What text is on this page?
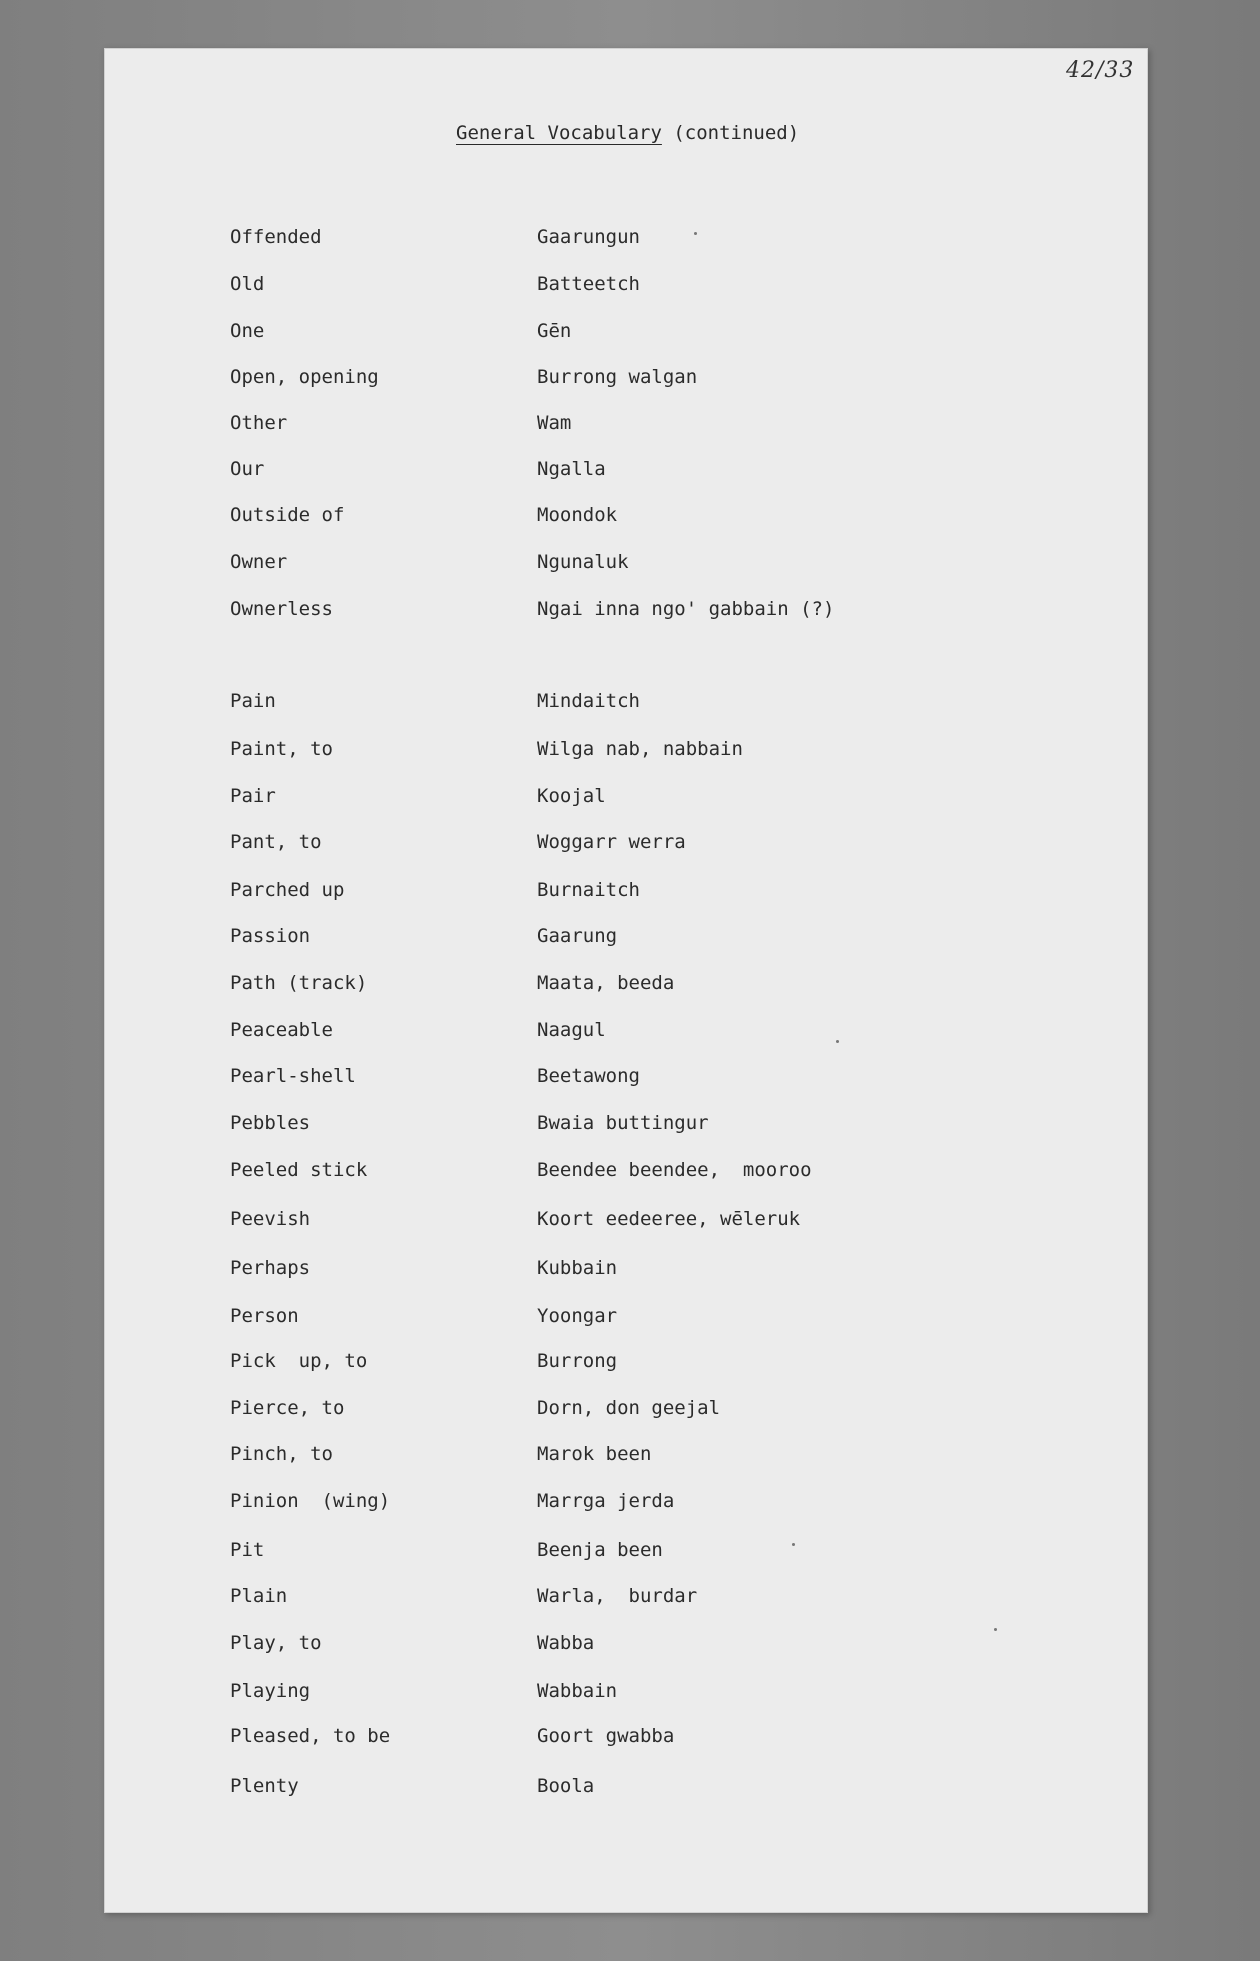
42/33
General Vocabulary (continued)
Offended	Gaarungun
Old	Batteetch
One	Gēn
Open, opening	Burrong walgan
Other	Wam
Our	Ngalla
Outside of	Moondok
Owner	Ngunaluk
Ownerless	Ngai inna ngo' gabbain (?)
Pain	Mindaitch
Paint, to	Wilga nab, nabbain
Pair	Koojal
Pant, to	Woggarr werra
Parched up	Burnaitch
Passion	Gaarung
Path (track)	Maata, beeda
Peaceable	Naagul
Pearl-shell	Beetawong
Pebbles	Bwaia buttingur
Peeled stick	Beendee beendee,  mooroo
Peevish	Koort eedeeree, wēleruk
Perhaps	Kubbain
Person	Yoongar
Pick  up, to	Burrong
Pierce, to	Dorn, don geejal
Pinch, to	Marok been
Pinion  (wing)	Marrga jerda
Pit	Beenja been
Plain	Warla,  burdar
Play, to	Wabba
Playing	Wabbain
Pleased, to be	Goort gwabba
Plenty	Boola
